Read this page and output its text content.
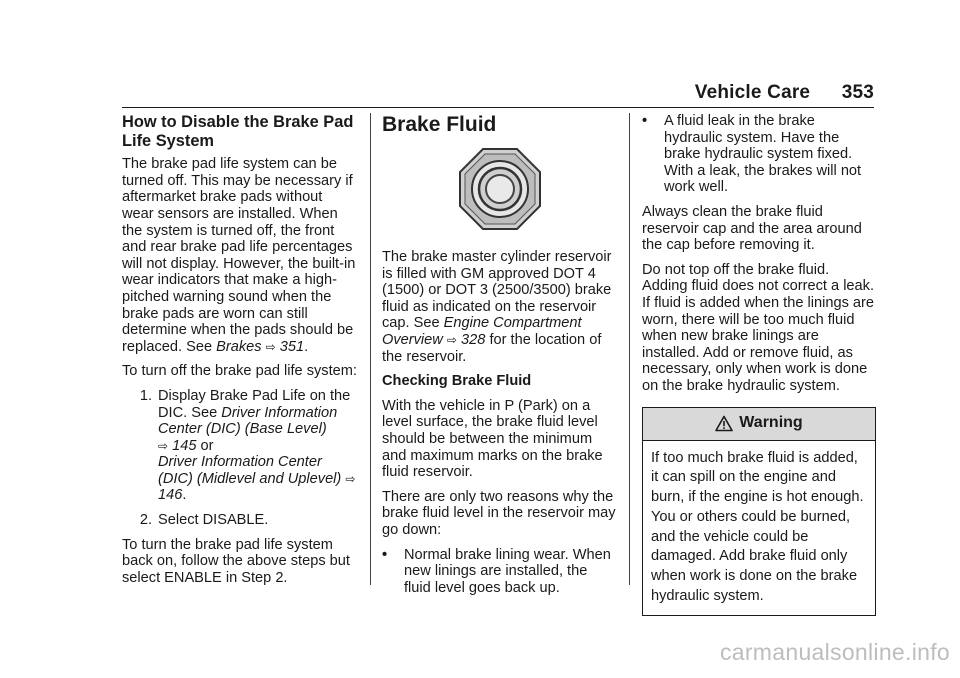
Vehicle Care 353
How to Disable the Brake Pad Life System

The brake pad life system can be turned off. This may be necessary if aftermarket brake pads without wear sensors are installed. When the system is turned off, the front and rear brake pad life percentages will not display. However, the built-in wear indicators that make a high-pitched warning sound when the brake pads are worn can still determine when the pads should be replaced. See Brakes ⇨ 351.

To turn off the brake pad life system:

1. Display Brake Pad Life on the DIC. See Driver Information Center (DIC) (Base Level)
⇨ 145 or
Driver Information Center (DIC) (Midlevel and Uplevel) ⇨ 146.
2. Select DISABLE.

To turn the brake pad life system back on, follow the above steps but select ENABLE in Step 2.

Brake Fluid

The brake master cylinder reservoir is filled with GM approved DOT 4 (1500) or DOT 3 (2500/3500) brake fluid as indicated on the reservoir cap. See Engine Compartment Overview ⇨ 328 for the location of the reservoir.

Checking Brake Fluid

With the vehicle in P (Park) on a level surface, the brake fluid level should be between the minimum and maximum marks on the brake fluid reservoir.

There are only two reasons why the brake fluid level in the reservoir may go down:

•	Normal brake lining wear. When new linings are installed, the fluid level goes back up.
•	A fluid leak in the brake hydraulic system. Have the brake hydraulic system fixed. With a leak, the brakes will not work well.

Always clean the brake fluid reservoir cap and the area around the cap before removing it.

Do not top off the brake fluid. Adding fluid does not correct a leak. If fluid is added when the linings are worn, there will be too much fluid when new brake linings are installed. Add or remove fluid, as necessary, only when work is done on the brake hydraulic system.

Warning
If too much brake fluid is added, it can spill on the engine and burn, if the engine is hot enough. You or others could be burned, and the vehicle could be damaged. Add brake fluid only when work is done on the brake hydraulic system.
carmanualsonline.info
